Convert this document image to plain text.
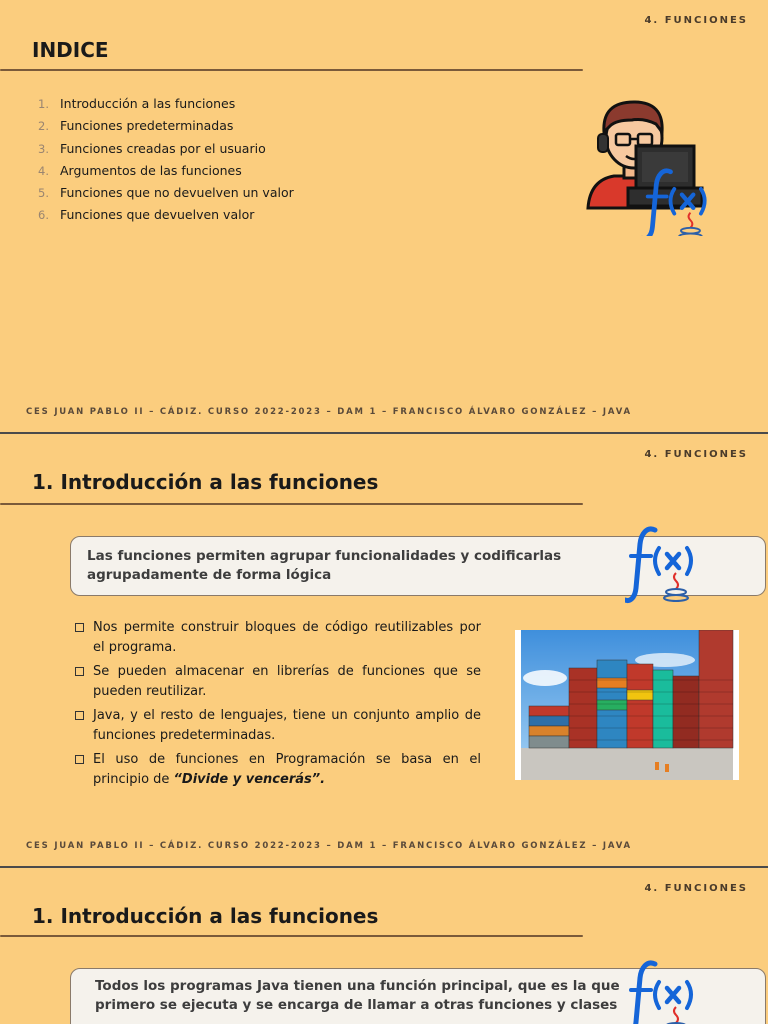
4. FUNCIONES
INDICE
1. Introducción a las funciones
2. Funciones predeterminadas
3. Funciones creadas por el usuario
4. Argumentos de las funciones
5. Funciones que no devuelven un valor
6. Funciones que devuelven valor
CES JUAN PABLO II – CÁDIZ. CURSO 2022-2023 – DAM 1 – FRANCISCO ÁLVARO GONZÁLEZ – JAVA
4. FUNCIONES
1. Introducción a las funciones

Las funciones permiten agrupar funcionalidades y codificarlas agrupadamente de forma lógica

Nos permite construir bloques de código reutilizables por el programa.
Se pueden almacenar en librerías de funciones que se pueden reutilizar.
Java, y el resto de lenguajes, tiene un conjunto amplio de funciones predeterminadas.
El uso de funciones en Programación se basa en el principio de “Divide y vencerás”.
CES JUAN PABLO II – CÁDIZ. CURSO 2022-2023 – DAM 1 – FRANCISCO ÁLVARO GONZÁLEZ – JAVA
4. FUNCIONES
1. Introducción a las funciones

Todos los programas Java tienen una función principal, que es la que primero se ejecuta y se encarga de llamar a otras funciones y clases
